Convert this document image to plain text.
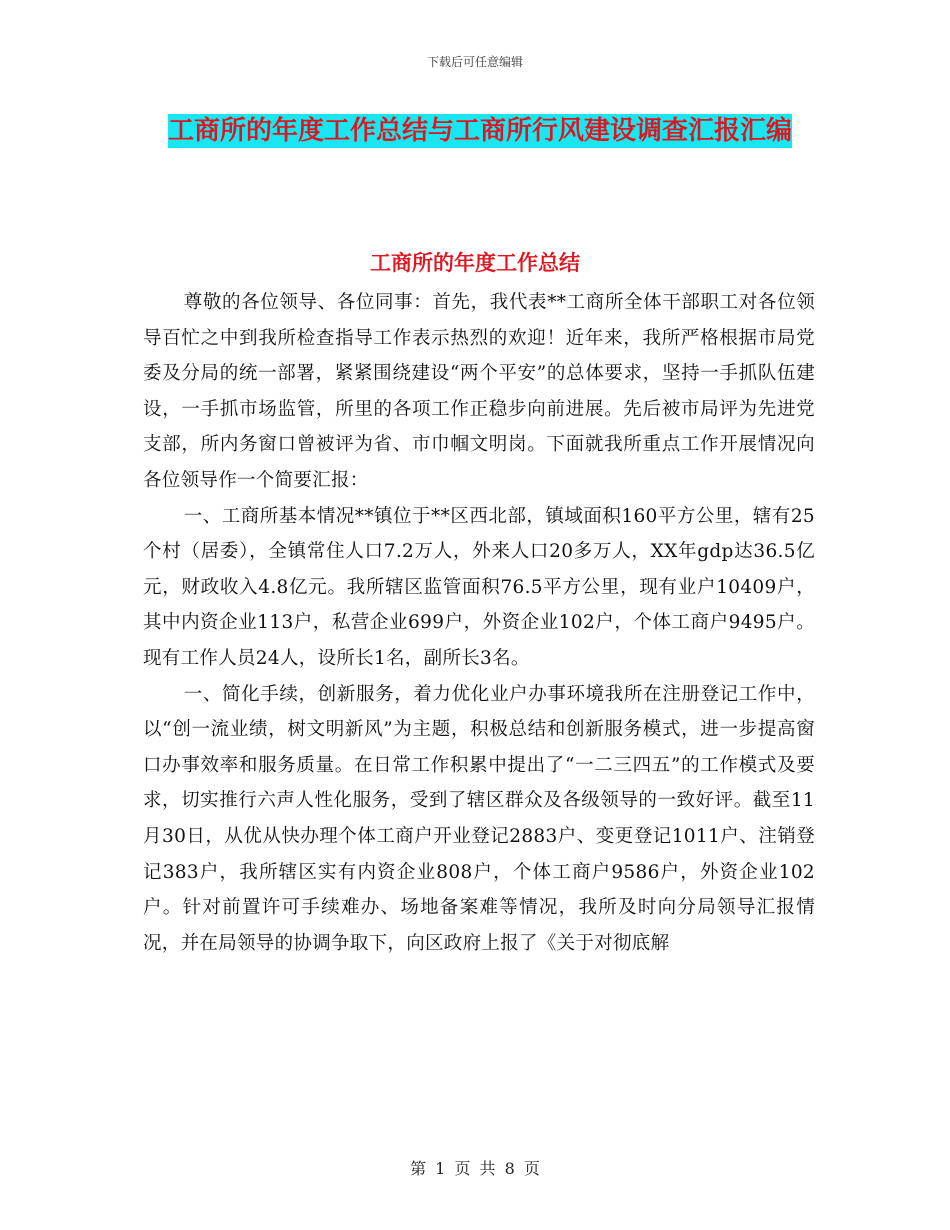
下载后可任意编辑
工商所的年度工作总结与工商所行风建设调查汇报汇编
工商所的年度工作总结

尊敬的各位领导、各位同事：首先，我代表**工商所全体干部职工对各位领导百忙之中到我所检查指导工作表示热烈的欢迎！近年来，我所严格根据市局党委及分局的统一部署，紧紧围绕建设“两个平安”的总体要求，坚持一手抓队伍建设，一手抓市场监管，所里的各项工作正稳步向前进展。先后被市局评为先进党支部，所内务窗口曾被评为省、市巾帼文明岗。下面就我所重点工作开展情况向各位领导作一个简要汇报：

一、工商所基本情况**镇位于**区西北部，镇域面积160平方公里，辖有25个村（居委），全镇常住人口7.2万人，外来人口20多万人，XX年gdp达36.5亿元，财政收入4.8亿元。我所辖区监管面积76.5平方公里，现有业户10409户，其中内资企业113户，私营企业699户，外资企业102户，个体工商户9495户。现有工作人员24人，设所长1名，副所长3名。

一、简化手续，创新服务，着力优化业户办事环境我所在注册登记工作中，以“创一流业绩，树文明新风”为主题，积极总结和创新服务模式，进一步提高窗口办事效率和服务质量。在日常工作积累中提出了“一二三四五”的工作模式及要求，切实推行六声人性化服务，受到了辖区群众及各级领导的一致好评。截至11月30日，从优从快办理个体工商户开业登记2883户、变更登记1011户、注销登记383户，我所辖区实有内资企业808户，个体工商户9586户，外资企业102户。针对前置许可手续难办、场地备案难等情况，我所及时向分局领导汇报情况，并在局领导的协调争取下，向区政府上报了《关于对彻底解

第 1 页 共 8 页
